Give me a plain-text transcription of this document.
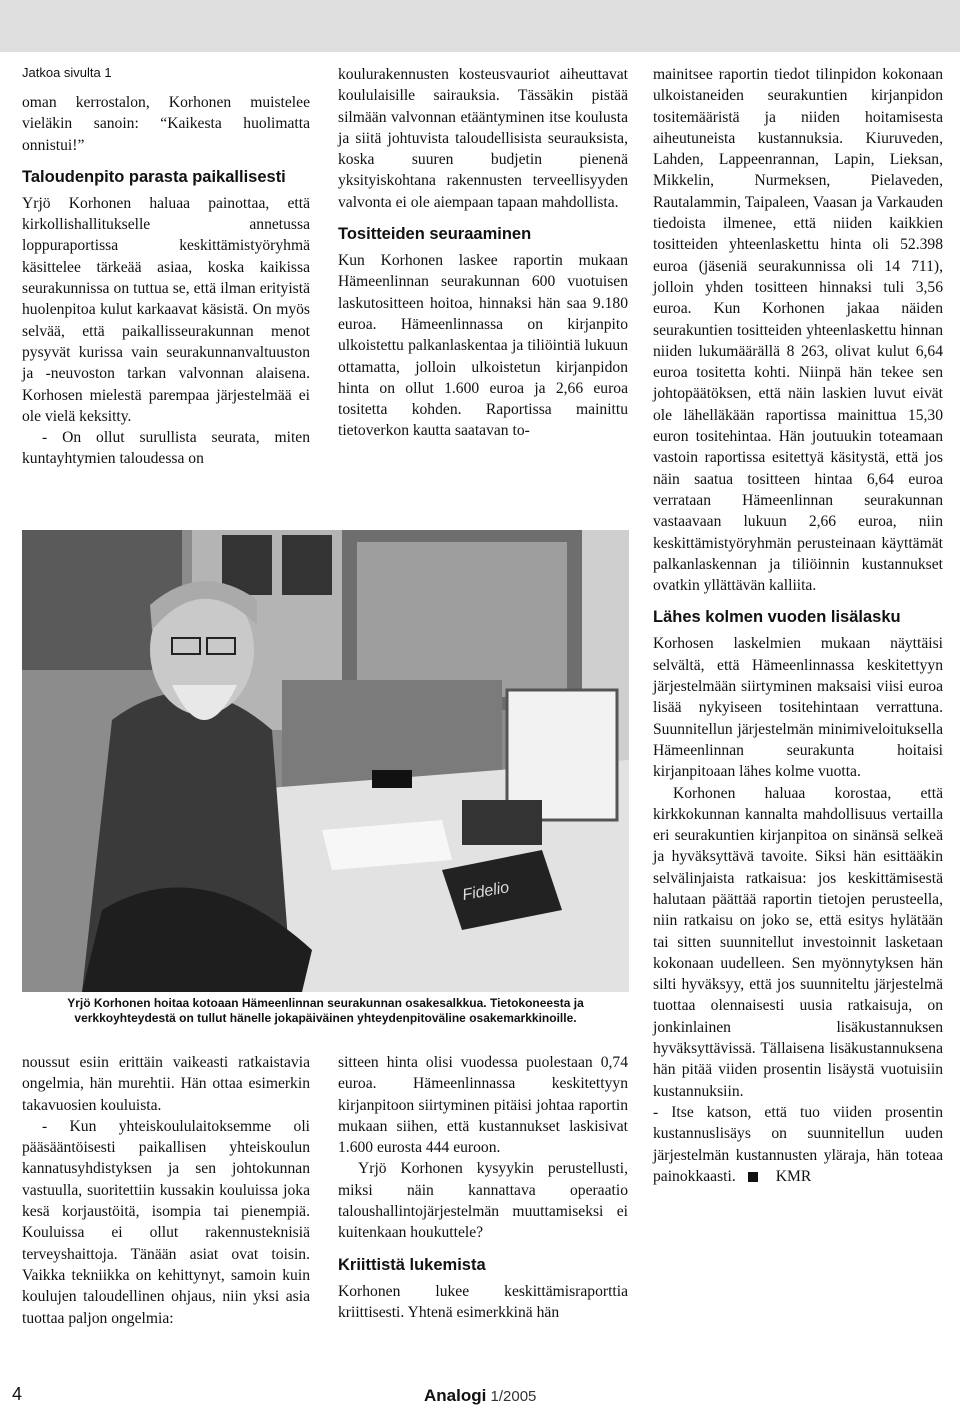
Jatkoa sivulta 1

oman kerrostalon, Korhonen muistelee vieläkin sanoin: “Kaikesta huolimatta onnistui!”

Taloudenpito parasta paikallisesti

Yrjö Korhonen haluaa painottaa, että kirkollishallitukselle annetussa loppuraportissa keskittämistyöryhmä käsittelee tärkeää asiaa, koska kaikissa seurakunnissa on tuttua se, että ilman erityistä huolenpitoa kulut karkaavat käsistä. On myös selvää, että paikallisseurakunnan menot pysyvät kurissa vain seurakunnanvaltuuston ja -neuvoston tarkan valvonnan alaisena. Korhosen mielestä parempaa järjestelmää ei ole vielä keksitty.

- On ollut surullista seurata, miten kuntayhtymien taloudessa on

koulurakennusten kosteusvauriot aiheuttavat koululaisille sairauksia. Tässäkin pistää silmään valvonnan etääntyminen itse koulusta ja siitä johtuvista taloudellisista seurauksista, koska suuren budjetin pienenä yksityiskohtana rakennusten terveellisyyden valvonta ei ole aiempaan tapaan mahdollista.

Tositteiden seuraaminen

Kun Korhonen laskee raportin mukaan Hämeenlinnan seurakunnan 600 vuotuisen laskutositteen hoitoa, hinnaksi hän saa 9.180 euroa. Hämeenlinnassa on kirjanpito ulkoistettu palkanlaskentaa ja tiliöintiä lukuun ottamatta, jolloin ulkoistetun kirjanpidon hinta on ollut 1.600 euroa ja 2,66 euroa tositetta kohden. Raportissa mainittu tietoverkon kautta saatavan to-

mainitsee raportin tiedot tilinpidon kokonaan ulkoistaneiden seurakuntien kirjanpidon tositemääristä ja niiden hoitamisesta aiheutuneista kustannuksia. Kiuruveden, Lahden, Lappeenrannan, Lapin, Lieksan, Mikkelin, Nurmeksen, Pielaveden, Rautalammin, Taipaleen, Vaasan ja Varkauden tiedoista ilmenee, että niiden kaikkien tositteiden yhteenlaskettu hinta oli 52.398 euroa (jäseniä seurakunnissa oli 14 711), jolloin yhden tositteen hinnaksi tuli 3,56 euroa. Kun Korhonen jakaa näiden seurakuntien tositteiden yhteenlaskettu hinnan niiden lukumäärällä 8 263, olivat kulut 6,64 euroa tositetta kohti. Niinpä hän tekee sen johtopäätöksen, että näin laskien luvut eivät ole lähelläkään raportissa mainittua 15,30 euron tositehintaa. Hän joutuukin toteamaan vastoin raportissa esitettyä käsitystä, että jos näin saatua tositteen hintaa 6,64 euroa verrataan Hämeenlinnan seurakunnan vastaavaan lukuun 2,66 euroa, niin keskittämistyöryhmän perusteinaan käyttämät palkanlaskennan ja tiliöinnin kustannukset ovatkin yllättävän kalliita.

Lähes kolmen vuoden lisälasku

Korhosen laskelmien mukaan näyttäisi selvältä, että Hämeenlinnassa keskitettyyn järjestelmään siirtyminen maksaisi viisi euroa lisää nykyiseen tositehintaan verrattuna. Suunnitellun järjestelmän minimiveloituksella Hämeenlinnan seurakunta hoitaisi kirjanpitoaan lähes kolme vuotta.

Korhonen haluaa korostaa, että kirkkokunnan kannalta mahdollisuus vertailla eri seurakuntien kirjanpitoa on sinänsä selkeä ja hyväksyttävä tavoite. Siksi hän esittääkin selvälinjaista ratkaisua: jos keskittämisestä halutaan päättää raportin tietojen perusteella, niin ratkaisu on joko se, että esitys hylätään tai sitten suunnitellut investoinnit lasketaan kokonaan uudelleen. Sen myönnytyksen hän silti hyväksyy, että jos suunniteltu järjestelmä tuottaa olennaisesti uusia ratkaisuja, on jonkinlainen lisäkustannuksen hyväksyttävissä. Tällaisena lisäkustannuksena hän pitää viiden prosentin lisäystä vuotuisiin kustannuksiin.

- Itse katson, että tuo viiden prosentin kustannuslisäys on suunnitellun uuden järjestelmän kustannusten yläraja, hän toteaa painokkaasti.	KMR

Fidelio
Yrjö Korhonen hoitaa kotoaan Hämeenlinnan seurakunnan osakesalkkua. Tietokoneesta ja verkkoyhteydestä on tullut hänelle jokapäiväinen yhteydenpitoväline osakemarkkinoille.

noussut esiin erittäin vaikeasti ratkaistavia ongelmia, hän murehtii. Hän ottaa esimerkin takavuosien kouluista.

- Kun yhteiskoululaitoksemme oli pääsääntöisesti paikallisen yhteiskoulun kannatusyhdistyksen ja sen johtokunnan vastuulla, suoritettiin kussakin kouluissa joka kesä korjaustöitä, isompia tai pienempiä. Kouluissa ei ollut rakennusteknisiä terveyshaittoja. Tänään asiat ovat toisin. Vaikka tekniikka on kehittynyt, samoin kuin koulujen taloudellinen ohjaus, niin yksi asia tuottaa paljon ongelmia:

sitteen hinta olisi vuodessa puolestaan 0,74 euroa. Hämeenlinnassa keskitettyyn kirjanpitoon siirtyminen pitäisi johtaa raportin mukaan siihen, että kustannukset laskisivat 1.600 eurosta 444 euroon.

Yrjö Korhonen kysyykin perustellusti, miksi näin kannattava operaatio taloushallintojärjestelmän muuttamiseksi ei kuitenkaan houkuttele?

Kriittistä lukemista

Korhonen lukee keskittämisraporttia kriittisesti. Yhtenä esimerkkinä hän

4	Analogi 1/2005
